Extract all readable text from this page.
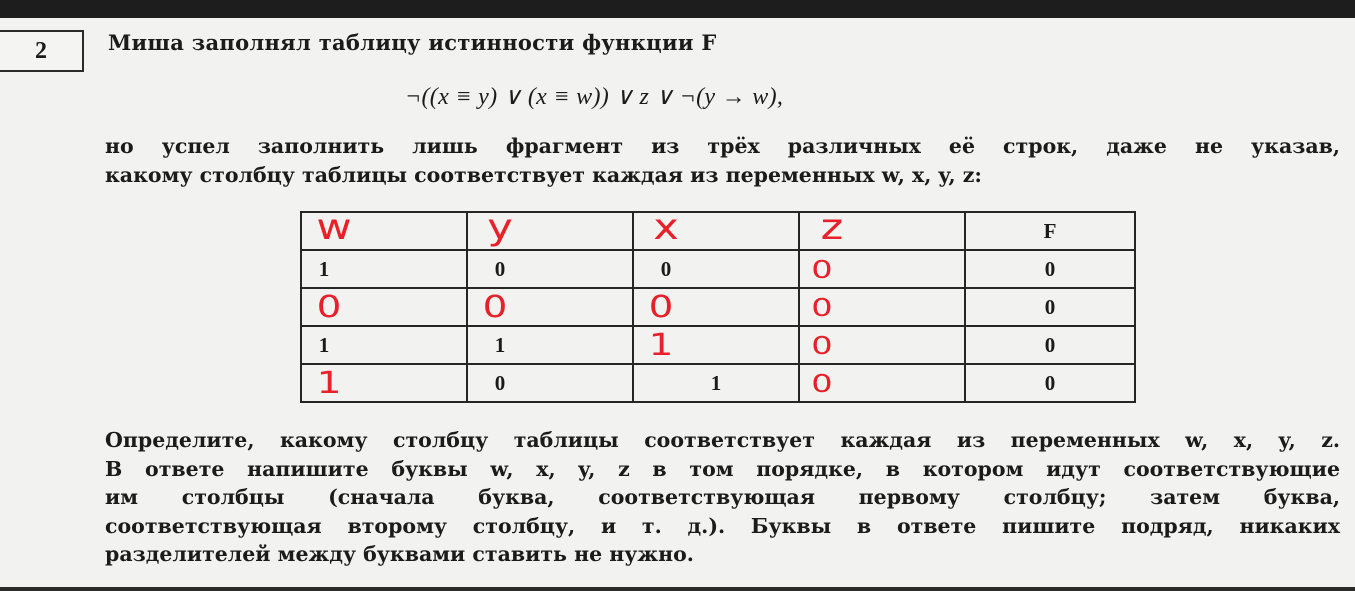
2	Миша заполнял таблицу истинности функции F
¬((x ≡ y) ∨ (x ≡ w)) ∨ z ∨ ¬(y → w),
но успел заполнить лишь фрагмент из трёх различных её строк, даже не указав,
какому столбцу таблицы соответствует каждая из переменных w, x, y, z:
w	y	x	z	F
1	0	0	0	0

0	0	0	0	0
1	1	1	0	0

1	0	1	0	0
Определите, какому столбцу таблицы соответствует каждая из переменных w, x, y, z.
В ответе напишите буквы w, x, y, z в том порядке, в котором идут соответствующие
им столбцы (сначала буква, соответствующая первому столбцу; затем буква,
соответствующая второму столбцу, и т. д.). Буквы в ответе пишите подряд, никаких
разделителей между буквами ставить не нужно.
